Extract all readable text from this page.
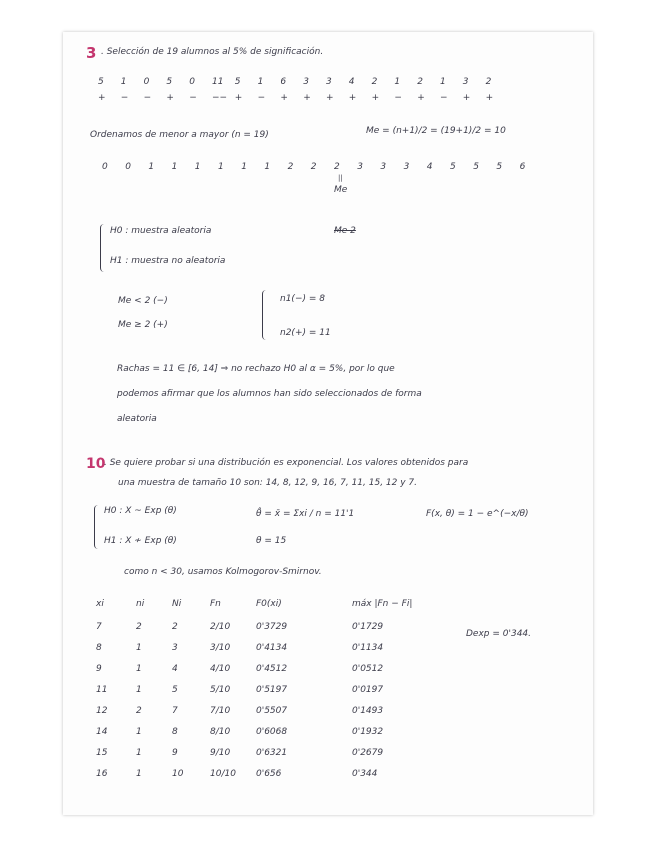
3 . Selección de 19 alumnos al 5% de significación.
5 1 0 5 0 11 5 1 6 3 3 4 2 1 2 1 3 2
+ − − + − −− + − + + + + + − + − + +
Ordenamos de menor a mayor (n = 19)	Me = (n+1)/2 = (19+1)/2 = 10
0 0 1 1 1 1 1 1 2 2 2 3 3 3 4 5 5 5 6
||
Me
H0 : muestra aleatoria
H1 : muestra no aleatoria
Me 2
Me < 2 (−)
Me ≥ 2 (+)
n1(−) = 8
n2(+) = 11
Rachas = 11 ∈ [6, 14] ⇒ no rechazo H0 al α = 5%, por lo que
podemos afirmar que los alumnos han sido seleccionados de forma
aleatoria
10
. Se quiere probar si una distribución es exponencial. Los valores obtenidos para
una muestra de tamaño 10 son: 14, 8, 12, 9, 16, 7, 11, 15, 12 y 7.
H0 : X ~ Exp (θ)
H1 : X ≁ Exp (θ)
θ̂ = x̄ = Σxi / n = 11'1
θ = 15
F(x, θ) = 1 − e^(−x/θ)
como n < 30, usamos Kolmogorov-Smirnov.
xi	ni	Ni	Fn	F0(xi)	máx |Fn − Fi|
7	2	2	2/10	0'3729	0'1729
8	1	3	3/10	0'4134	0'1134
9	1	4	4/10	0'4512	0'0512
11	1	5	5/10	0'5197	0'0197
12	2	7	7/10	0'5507	0'1493
14	1	8	8/10	0'6068	0'1932
15	1	9	9/10	0'6321	0'2679
16	1	10	10/10 0'656	0'344
Dexp = 0'344.
